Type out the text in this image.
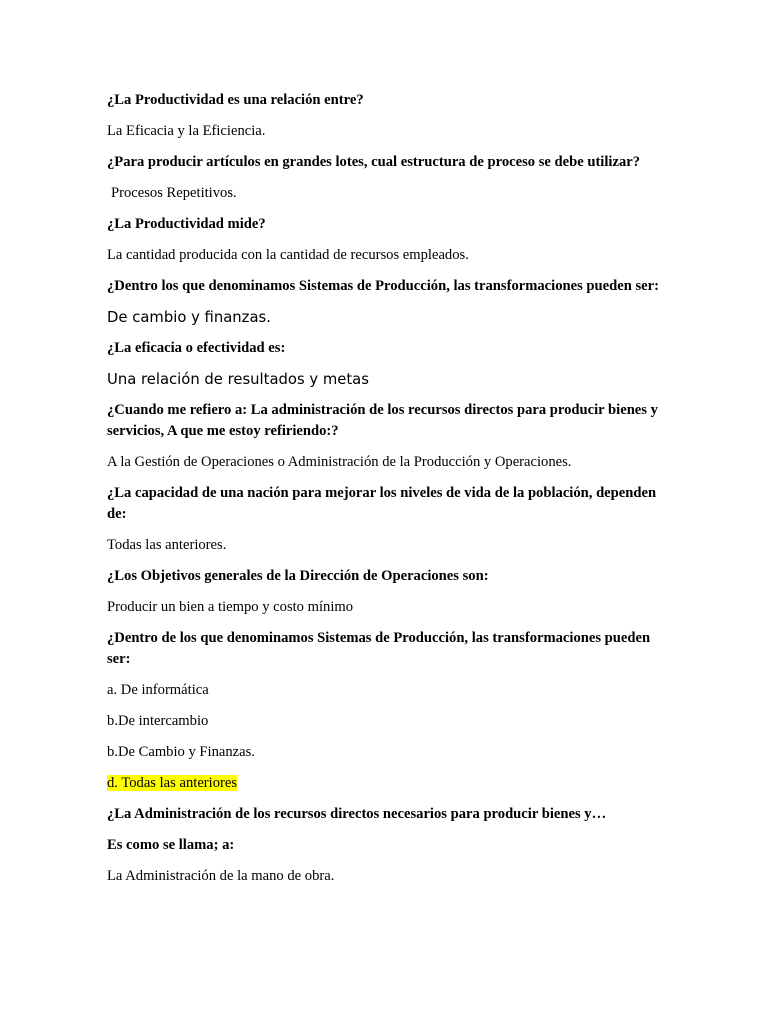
¿La Productividad es una relación entre?

La Eficacia y la Eficiencia.

¿Para producir artículos en grandes lotes, cual estructura de proceso se debe utilizar?

Procesos Repetitivos.

¿La Productividad mide?

La cantidad producida con la cantidad de recursos empleados.

¿Dentro los que denominamos Sistemas de Producción, las transformaciones pueden ser:

De cambio y finanzas.

¿La eficacia o efectividad es:

Una relación de resultados y metas

¿Cuando me refiero a: La administración de los recursos directos para producir bienes y servicios, A que me estoy refiriendo:?

A la Gestión de Operaciones o Administración de la Producción y Operaciones.

¿La capacidad de una nación para mejorar los niveles de vida de la población, dependen de:

Todas las anteriores.

¿Los Objetivos generales de la Dirección de Operaciones son:

Producir un bien a tiempo y costo mínimo

¿Dentro de los que denominamos Sistemas de Producción, las transformaciones pueden ser:

a. De informática

b.De intercambio

b.De Cambio y Finanzas.

d. Todas las anteriores

¿La Administración de los recursos directos necesarios para producir bienes y…

Es como se llama; a:

La Administración de la mano de obra.
